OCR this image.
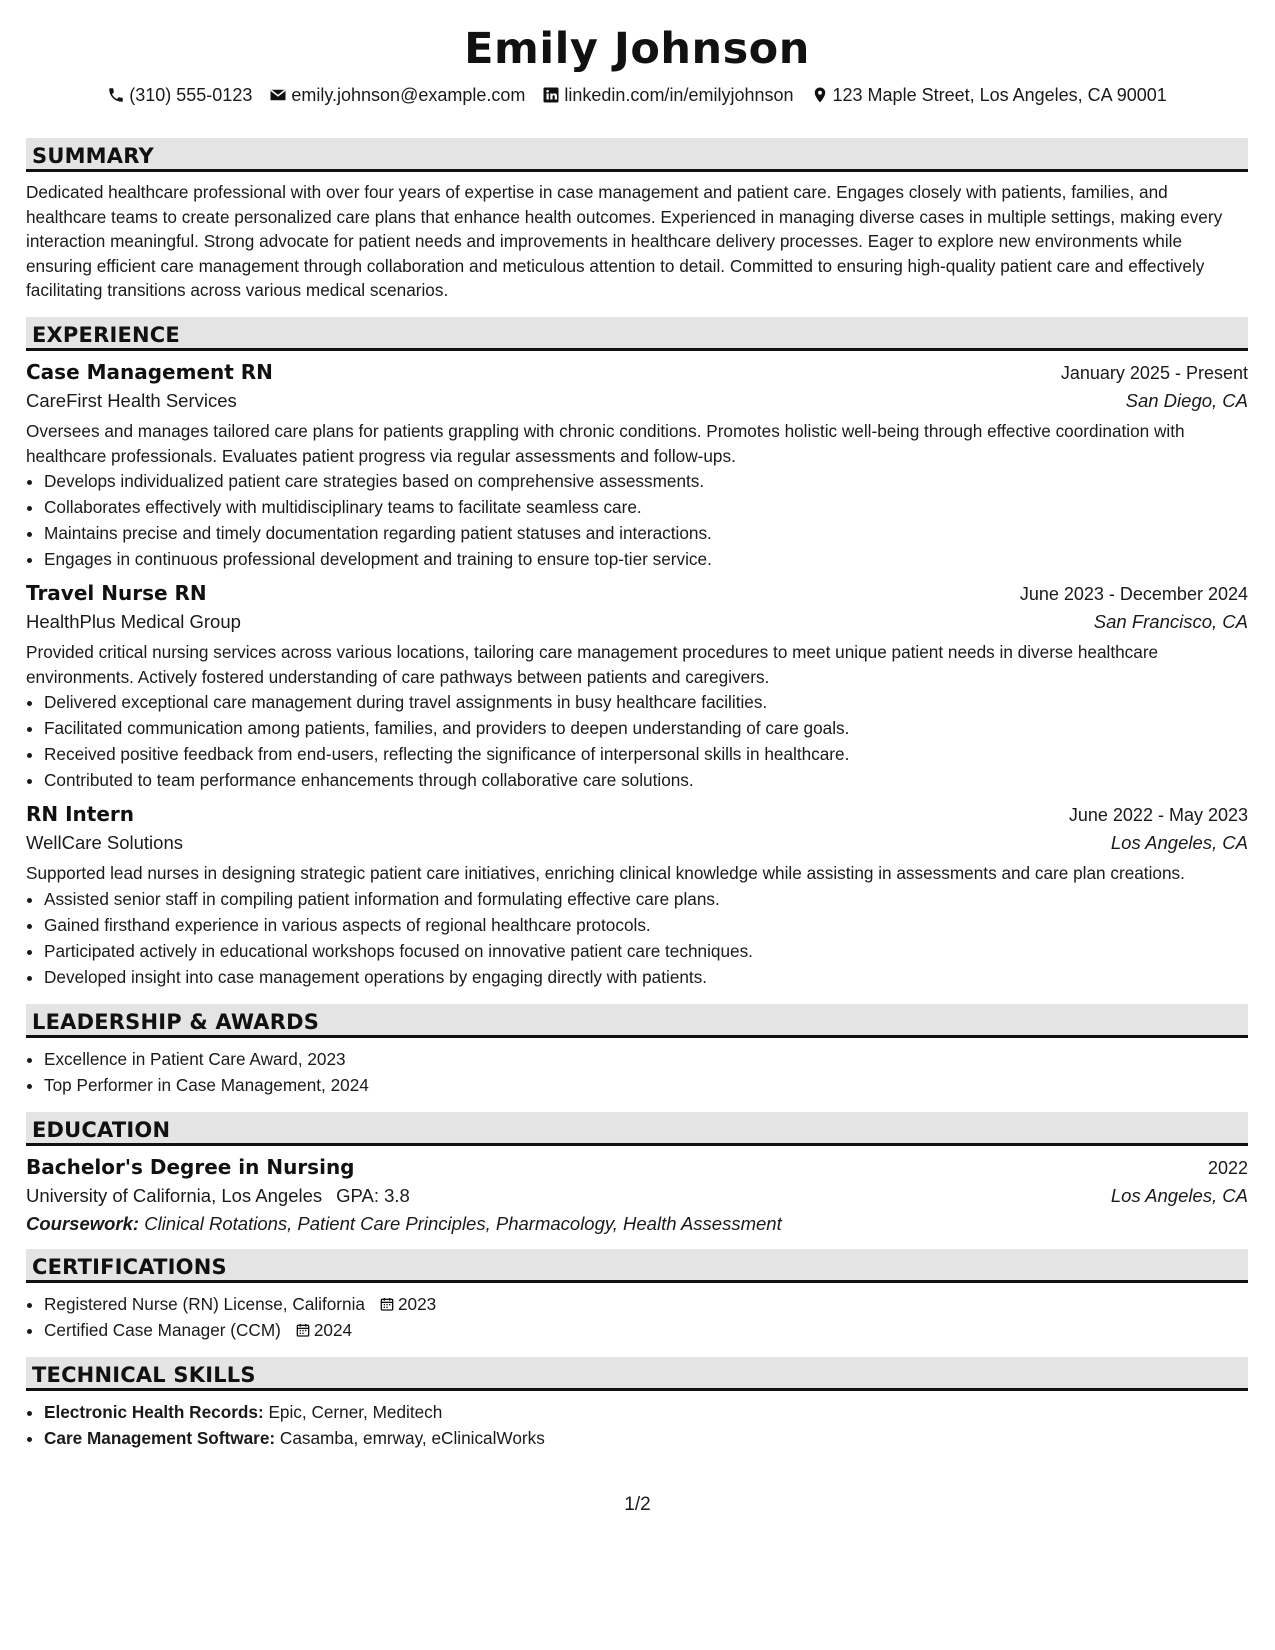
Emily Johnson
(310) 555-0123 emily.johnson@example.com linkedin.com/in/emilyjohnson 123 Maple Street, Los Angeles, CA 90001
SUMMARY
Dedicated healthcare professional with over four years of expertise in case management and patient care. Engages closely with patients, families, and healthcare teams to create personalized care plans that enhance health outcomes. Experienced in managing diverse cases in multiple settings, making every interaction meaningful. Strong advocate for patient needs and improvements in healthcare delivery processes. Eager to explore new environments while ensuring efficient care management through collaboration and meticulous attention to detail. Committed to ensuring high-quality patient care and effectively facilitating transitions across various medical scenarios.
EXPERIENCE
Case Management RN	January 2025 - Present
CareFirst Health Services	San Diego, CA
Oversees and manages tailored care plans for patients grappling with chronic conditions. Promotes holistic well-being through effective coordination with healthcare professionals. Evaluates patient progress via regular assessments and follow-ups.
• Develops individualized patient care strategies based on comprehensive assessments.
• Collaborates effectively with multidisciplinary teams to facilitate seamless care.
• Maintains precise and timely documentation regarding patient statuses and interactions.
• Engages in continuous professional development and training to ensure top-tier service.
Travel Nurse RN	June 2023 - December 2024
HealthPlus Medical Group	San Francisco, CA
Provided critical nursing services across various locations, tailoring care management procedures to meet unique patient needs in diverse healthcare environments. Actively fostered understanding of care pathways between patients and caregivers.
• Delivered exceptional care management during travel assignments in busy healthcare facilities.
• Facilitated communication among patients, families, and providers to deepen understanding of care goals.
• Received positive feedback from end-users, reflecting the significance of interpersonal skills in healthcare.
• Contributed to team performance enhancements through collaborative care solutions.
RN Intern	June 2022 - May 2023
WellCare Solutions	Los Angeles, CA
Supported lead nurses in designing strategic patient care initiatives, enriching clinical knowledge while assisting in assessments and care plan creations.
• Assisted senior staff in compiling patient information and formulating effective care plans.
• Gained firsthand experience in various aspects of regional healthcare protocols.
• Participated actively in educational workshops focused on innovative patient care techniques.
• Developed insight into case management operations by engaging directly with patients.
LEADERSHIP & AWARDS
• Excellence in Patient Care Award, 2023
• Top Performer in Case Management, 2024
EDUCATION
Bachelor's Degree in Nursing	2022
University of California, Los Angeles GPA: 3.8	Los Angeles, CA
Coursework: Clinical Rotations, Patient Care Principles, Pharmacology, Health Assessment
CERTIFICATIONS
• Registered Nurse (RN) License, California 2023
• Certified Case Manager (CCM) 2024
TECHNICAL SKILLS
• Electronic Health Records: Epic, Cerner, Meditech
• Care Management Software: Casamba, emrway, eClinicalWorks
1/2
